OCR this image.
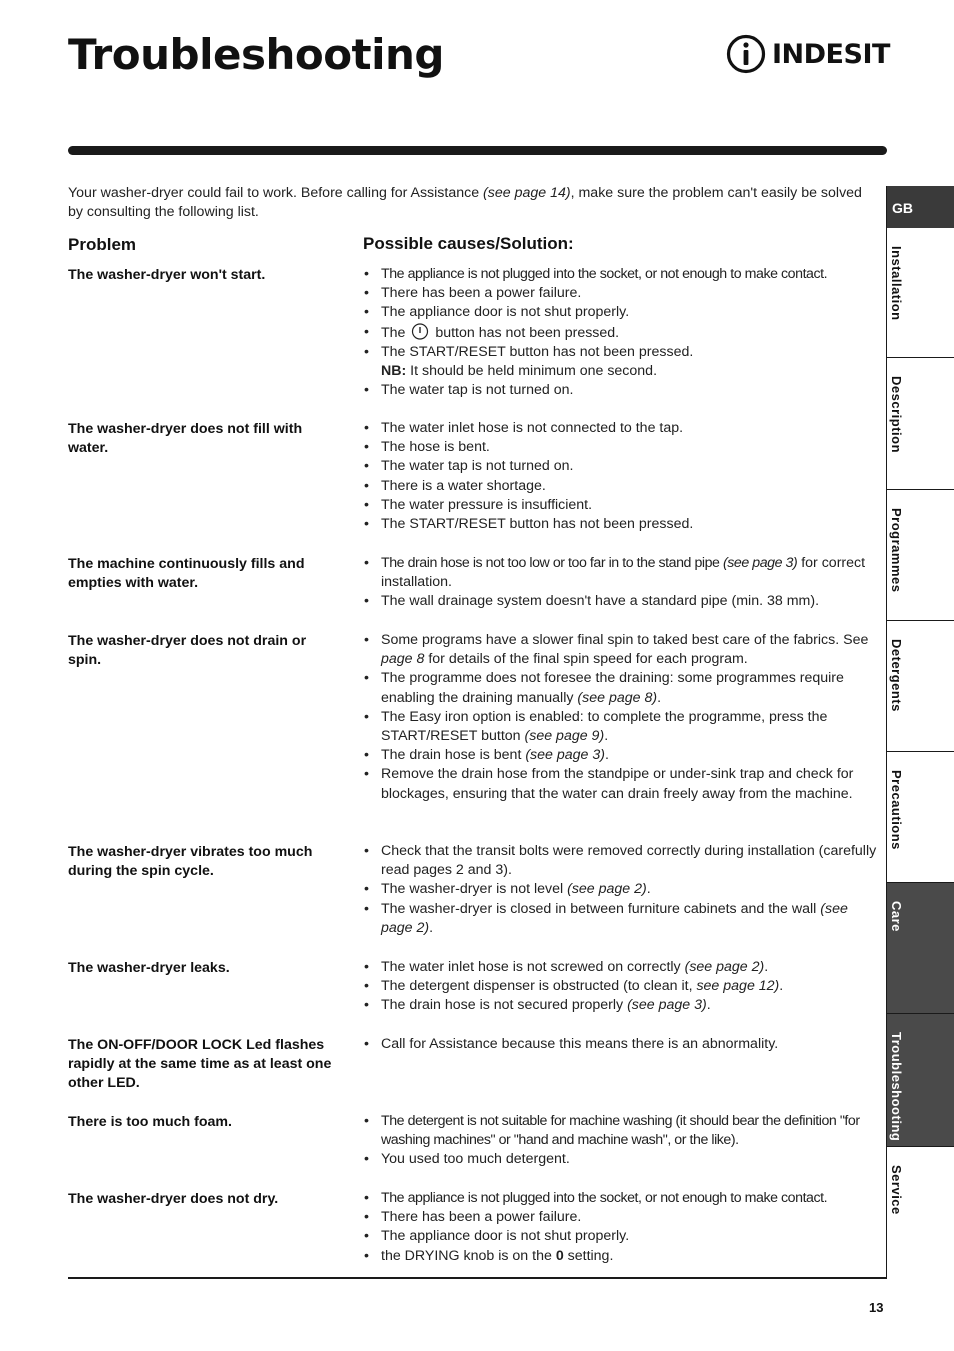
Troubleshooting	INDESIT

Your washer-dryer could fail to work. Before calling for Assistance (see page 14), make sure the problem can't easily be solved by consulting the following list.

Problem	Possible causes/Solution:
The washer-dryer won't start.	• The appliance is not plugged into the socket, or not enough to make contact.
• There has been a power failure.
• The appliance door is not shut properly.
• The  button has not been pressed.
• The START/RESET button has not been pressed.
NB: It should be held minimum one second.
• The water tap is not turned on.
The washer-dryer does not fill with water.
• The water inlet hose is not connected to the tap.
• The hose is bent.
• The water tap is not turned on.
• There is a water shortage.
• The water pressure is insufficient.
• The START/RESET button has not been pressed.
The machine continuously fills and empties with water.
• The drain hose is not too low or too far in to the stand pipe (see page 3) for correct installation.
• The wall drainage system doesn't have a standard pipe (min. 38 mm).
The washer-dryer does not drain or spin.
• Some programs have a slower final spin to taked best care of the fabrics. See page 8 for details of the final spin speed for each program.
• The programme does not foresee the draining: some programmes require enabling the draining manually (see page 8).
• The Easy iron option is enabled: to complete the programme, press the START/RESET button (see page 9).
• The drain hose is bent (see page 3).
• Remove the drain hose from the standpipe or under-sink trap and check for blockages, ensuring that the water can drain freely away from the machine.
The washer-dryer vibrates too much during the spin cycle.
• Check that the transit bolts were removed correctly during installation (carefully read pages 2 and 3).
• The washer-dryer is not level (see page 2).
• The washer-dryer is closed in between furniture cabinets and the wall (see page 2).
The washer-dryer leaks.	• The water inlet hose is not screwed on correctly (see page 2).
• The detergent dispenser is obstructed (to clean it, see page 12).
• The drain hose is not secured properly (see page 3).
The ON-OFF/DOOR LOCK Led flashes rapidly at the same time as at least one other LED.
• Call for Assistance because this means there is an abnormality.
There is too much foam.	• The detergent is not suitable for machine washing (it should bear the definition "for washing machines" or "hand and machine wash", or the like).
• You used too much detergent.
The washer-dryer does not dry.	• The appliance is not plugged into the socket, or not enough to make contact.
• There has been a power failure.
• The appliance door is not shut properly.
• the DRYING knob is on the 0 setting.
13
GB
Installation
Description
Programmes
Detergents
Precautions
Care
Troubleshooting
Service
